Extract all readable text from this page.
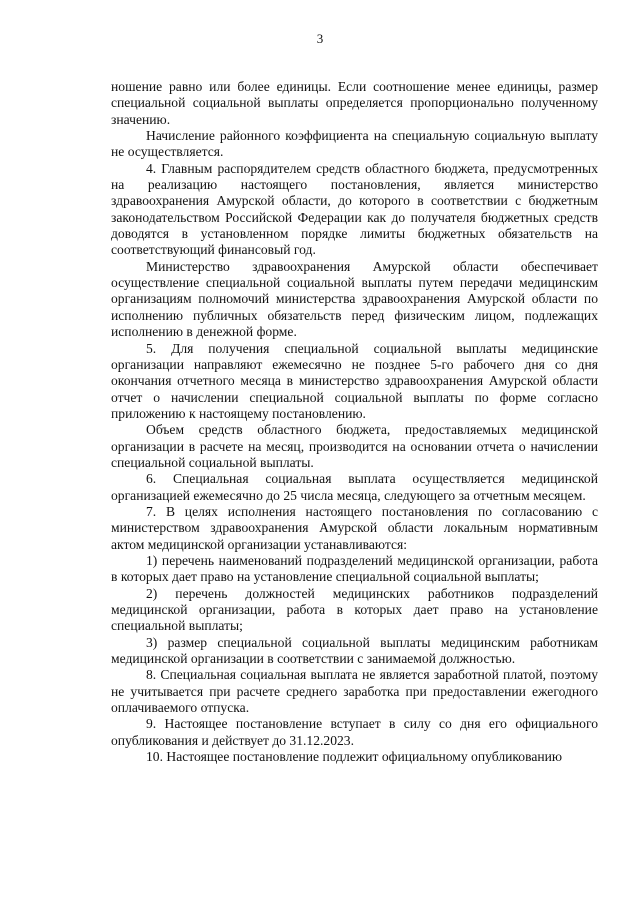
3

ношение равно или более единицы. Если соотношение менее единицы, размер специальной социальной выплаты определяется пропорционально полученному значению.

Начисление районного коэффициента на специальную социальную выплату не осуществляется.

4. Главным распорядителем средств областного бюджета, предусмотренных на реализацию настоящего постановления, является министерство здравоохранения Амурской области, до которого в соответствии с бюджетным законодательством Российской Федерации как до получателя бюджетных средств доводятся в установленном порядке лимиты бюджетных обязательств на соответствующий финансовый год.

Министерство здравоохранения Амурской области обеспечивает осуществление специальной социальной выплаты путем передачи медицинским организациям полномочий министерства здравоохранения Амурской области по исполнению публичных обязательств перед физическим лицом, подлежащих исполнению в денежной форме.

5. Для получения специальной социальной выплаты медицинские организации направляют ежемесячно не позднее 5-го рабочего дня со дня окончания отчетного месяца в министерство здравоохранения Амурской области отчет о начислении специальной социальной выплаты по форме согласно приложению к настоящему постановлению.

Объем средств областного бюджета, предоставляемых медицинской организации в расчете на месяц, производится на основании отчета о начислении специальной социальной выплаты.

6. Специальная социальная выплата осуществляется медицинской организацией ежемесячно до 25 числа месяца, следующего за отчетным месяцем.

7. В целях исполнения настоящего постановления по согласованию с министерством здравоохранения Амурской области локальным нормативным актом медицинской организации устанавливаются:

1) перечень наименований подразделений медицинской организации, работа в которых дает право на установление специальной социальной выплаты;

2) перечень должностей медицинских работников подразделений медицинской организации, работа в которых дает право на установление специальной выплаты;

3) размер специальной социальной выплаты медицинским работникам медицинской организации в соответствии с занимаемой должностью.

8. Специальная социальная выплата не является заработной платой, поэтому не учитывается при расчете среднего заработка при предоставлении ежегодного оплачиваемого отпуска.

9. Настоящее постановление вступает в силу со дня его официального опубликования и действует до 31.12.2023.

10. Настоящее постановление подлежит официальному опубликованию
